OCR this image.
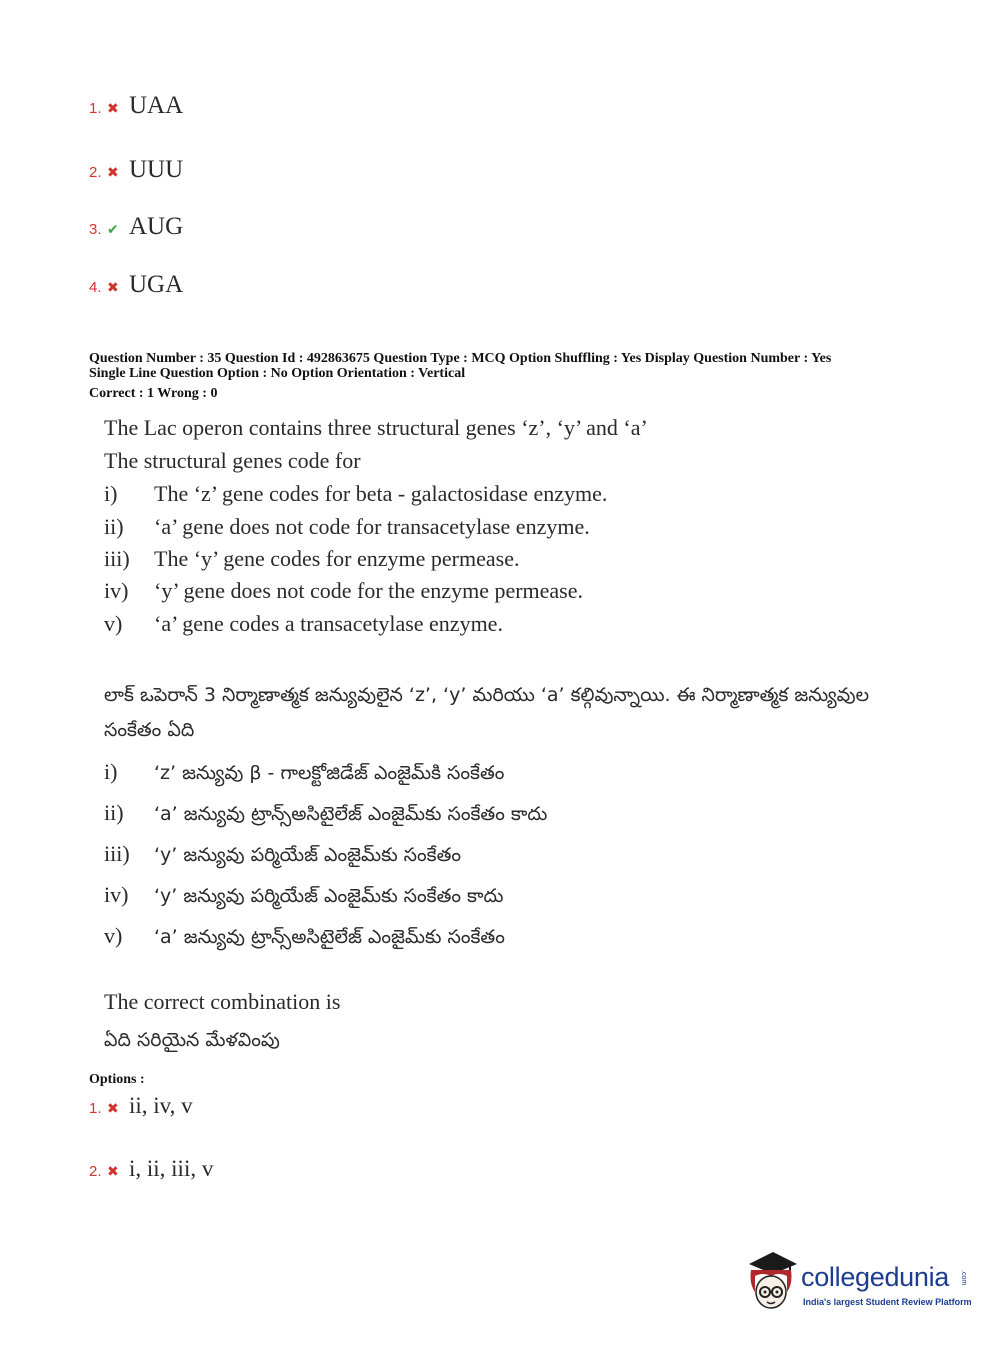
1. ✖ UAA
2. ✖ UUU
3. ✔ AUG
4. ✖ UGA
Question Number : 35 Question Id : 492863675 Question Type : MCQ Option Shuffling : Yes Display Question Number : Yes
Single Line Question Option : No Option Orientation : Vertical
Correct : 1 Wrong : 0
The Lac operon contains three structural genes ‘z’, ‘y’ and ‘a’
The structural genes code for
i) The ‘z’ gene codes for beta - galactosidase enzyme.
ii) ‘a’ gene does not code for transacetylase enzyme.
iii) The ‘y’ gene codes for enzyme permease.
iv) ‘y’ gene does not code for the enzyme permease.
v) ‘a’ gene codes a transacetylase enzyme.
లాక్ ఒపెరాన్ 3 నిర్మాణాత్మక జన్యువులైన ‘z’, ‘y’ మరియు ‘a’ కల్గివున్నాయి. ఈ నిర్మాణాత్మక జన్యువుల
సంకేతం ఏది
i) ‘z’ జన్యువు β - గాలక్టోజిడేజ్ ఎంజైమ్‌కి సంకేతం
ii) ‘a’ జన్యువు ట్రాన్స్‌అసిటైలేజ్ ఎంజైమ్‌కు సంకేతం కాదు
iii) ‘y’ జన్యువు పర్మియేజ్ ఎంజైమ్‌కు సంకేతం
iv) ‘y’ జన్యువు పర్మియేజ్ ఎంజైమ్‌కు సంకేతం కాదు
v) ‘a’ జన్యువు ట్రాన్స్‌అసిటైలేజ్ ఎంజైమ్‌కు సంకేతం
The correct combination is
ఏది సరియైన మేళవింపు
Options :
1. ✖ ii, iv, v
2. ✖ i, ii, iii, v
collegedunia .com
India's largest Student Review Platform
